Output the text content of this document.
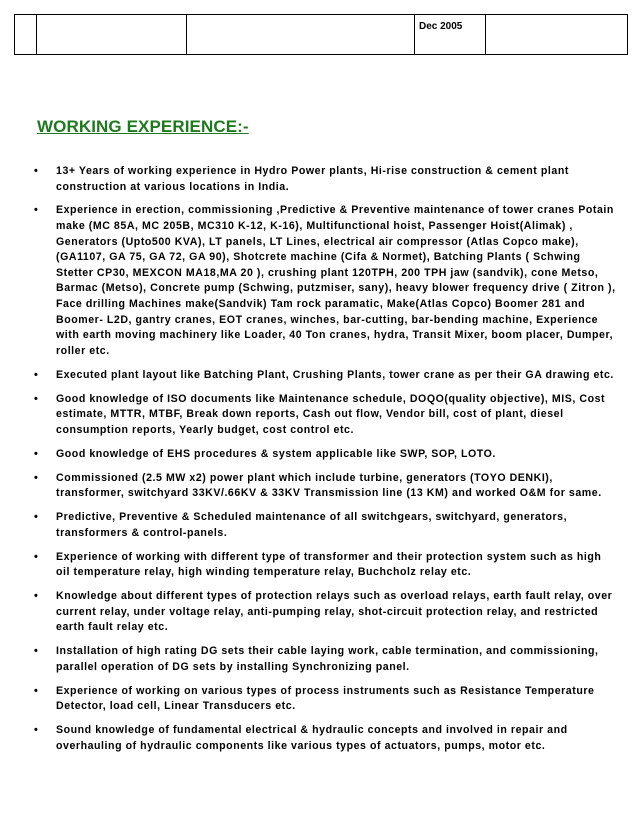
			Dec 2005	
WORKING EXPERIENCE:-
•
13+ Years of working experience in Hydro Power plants, Hi-rise construction & cement plant construction at various locations in India.
•
Experience in erection, commissioning ,Predictive & Preventive maintenance of tower cranes Potain make (MC 85A, MC 205B, MC310 K-12, K-16), Multifunctional hoist, Passenger Hoist(Alimak) , Generators (Upto500 KVA), LT panels, LT Lines, electrical air compressor (Atlas Copco make), (GA1107, GA 75, GA 72, GA 90), Shotcrete machine (Cifa & Normet), Batching Plants ( Schwing Stetter CP30, MEXCON MA18,MA 20 ), crushing plant 120TPH, 200 TPH jaw (sandvik), cone Metso, Barmac (Metso), Concrete pump (Schwing, putzmiser, sany), heavy blower frequency drive ( Zitron ), Face drilling Machines make(Sandvik) Tam rock paramatic, Make(Atlas Copco) Boomer 281 and Boomer- L2D, gantry cranes, EOT cranes, winches, bar-cutting, bar-bending machine, Experience with earth moving machinery like Loader, 40 Ton cranes, hydra, Transit Mixer, boom placer, Dumper, roller etc.
•
Executed plant layout like Batching Plant, Crushing Plants, tower crane as per their GA drawing etc.
•
Good knowledge of ISO documents like Maintenance schedule, DOQO(quality objective), MIS, Cost estimate, MTTR, MTBF, Break down reports, Cash out flow, Vendor bill, cost of plant, diesel consumption reports, Yearly budget, cost control etc.
•
Good knowledge of EHS procedures & system applicable like SWP, SOP, LOTO.
•
Commissioned (2.5 MW x2) power plant which include turbine, generators (TOYO DENKI), transformer, switchyard 33KV/.66KV & 33KV Transmission line (13 KM) and worked O&M for same.
•
Predictive, Preventive & Scheduled maintenance of all switchgears, switchyard, generators, transformers & control-panels.
•
Experience of working with different type of transformer and their protection system such as high oil temperature relay, high winding temperature relay, Buchcholz relay etc.
•
Knowledge about different types of protection relays such as overload relays, earth fault relay, over current relay, under voltage relay, anti-pumping relay, shot-circuit protection relay, and restricted earth fault relay etc.
•
Installation of high rating DG sets their cable laying work, cable termination, and commissioning, parallel operation of DG sets by installing Synchronizing panel.
•
Experience of working on various types of process instruments such as Resistance Temperature Detector, load cell, Linear Transducers etc.
•
Sound knowledge of fundamental electrical & hydraulic concepts and involved in repair and overhauling of hydraulic components like various types of actuators, pumps, motor etc.
